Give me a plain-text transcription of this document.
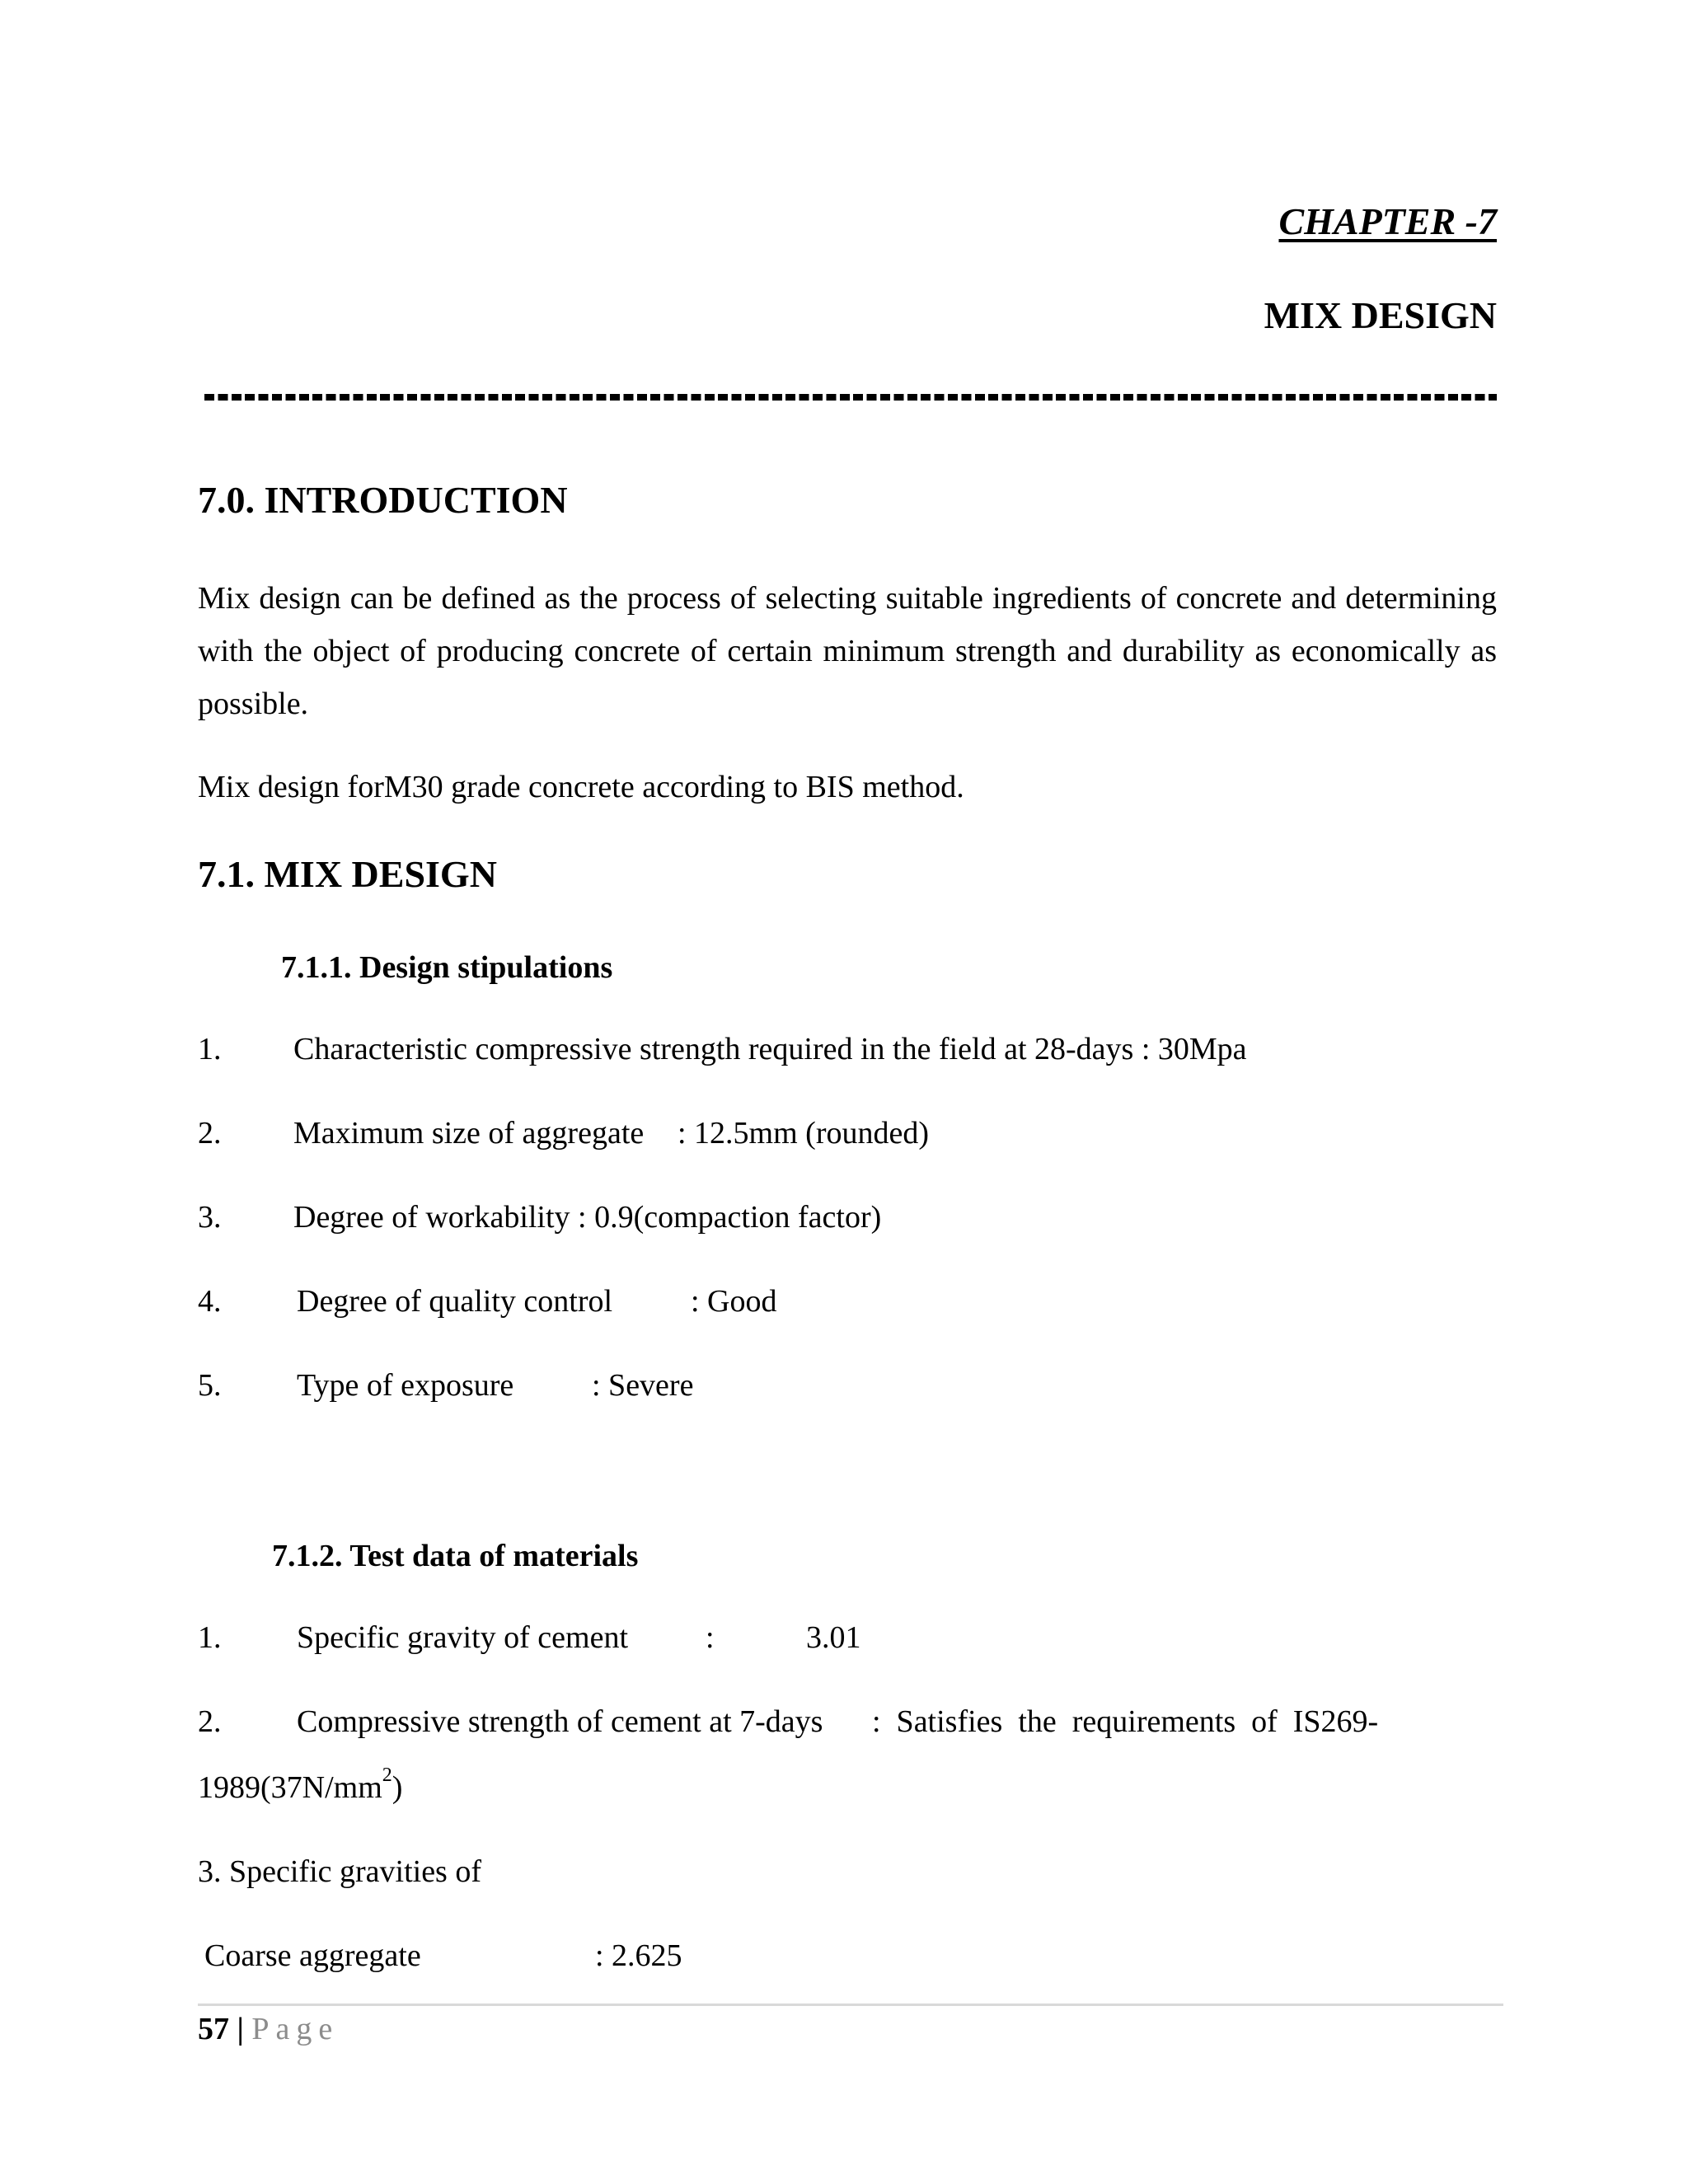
CHAPTER -7
MIX DESIGN
7.0. INTRODUCTION
Mix design can be defined as the process of selecting suitable ingredients of concrete and determining with the object of producing concrete of certain minimum strength and durability as economically as possible.
Mix design forM30 grade concrete according to BIS method.
7.1. MIX DESIGN
7.1.1. Design stipulations
1. Characteristic compressive strength required in the field at 28-days : 30Mpa
2. Maximum size of aggregate : 12.5mm (rounded)
3. Degree of workability : 0.9(compaction factor)
4. Degree of quality control : Good
5. Type of exposure : Severe
7.1.2. Test data of materials
1. Specific gravity of cement :	3.01
2. Compressive strength of cement at 7-days :  Satisfies  the  requirements  of  IS269-
$1989(37N/mm^2)$
3. Specific gravities of
Coarse aggregate	: 2.625
57 | Page
